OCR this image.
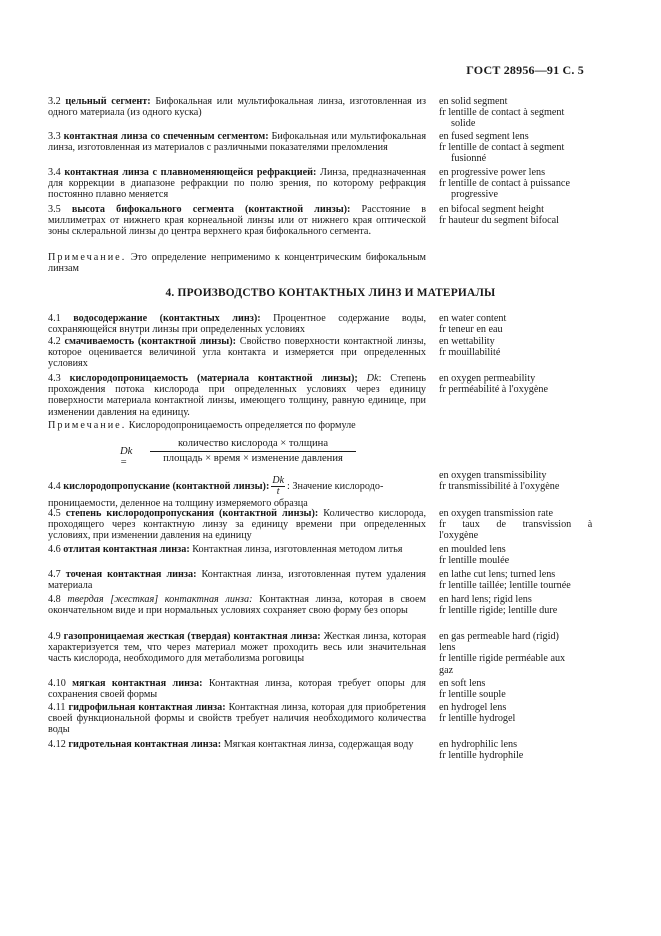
ГОСТ 28956—91 С. 5
3.2 цельный сегмент: Бифокальная или мультифокальная линза, изготовленная из одного материала (из одного куска)
en solid segment
fr lentille de contact à segment
solide
3.3 контактная линза со спеченным сегментом: Бифокальная или мультифокальная линза, изготовленная из материалов с различными показателями преломления
en fused segment lens
fr lentille de contact à segment
fusionné
3.4 контактная линза с плавноменяющейся рефракцией: Линза, предназначенная для коррекции в диапазоне рефракции по полю зрения, по которому рефракция постоянно плавно меняется
en progressive power lens
fr lentille de contact à puissance
progressive
3.5 высота бифокального сегмента (контактной линзы): Расстояние в миллиметрах от нижнего края корнеальной линзы или от нижнего края оптической зоны склеральной линзы до центра верхнего края бифокального сегмента.
en bifocal segment height
fr hauteur du segment bifocal
Примечание. Это определение неприменимо к концентрическим бифокальным линзам
4. ПРОИЗВОДСТВО КОНТАКТНЫХ ЛИНЗ И МАТЕРИАЛЫ
4.1 водосодержание (контактных линз): Процентное содержание воды, сохраняющейся внутри линзы при определенных условиях
en water content
fr teneur en eau
4.2 смачиваемость (контактной линзы): Свойство поверхности контактной линзы, которое оценивается величиной угла контакта и измеряется при определенных условиях
en wettability
fr mouillabilité
4.3 кислородопроницаемость (материала контактной линзы); Dk: Степень прохождения потока кислорода при определенных условиях через единицу поверхности материала контактной линзы, имеющего толщину, равную единице, при изменении давления на единицу.
en oxygen permeability
fr perméabilité à l'oxygène
Примечание. Кислородопроницаемость определяется по формуле
Dk =
количество кислорода × толщина
площадь × время × изменение давления
4.4 кислородопропускание (контактной линзы): $\frac{Dk}{t}$ : Значение кислородо-
проницаемости, деленное на толщину измеряемого образца
en oxygen transmissibility
fr transmissibilité à l'oxygène
4.5 степень кислородопропускания (контактной линзы): Количество кислорода, проходящего через контактную линзу за единицу времени при определенных условиях, при изменении давления на единицу
en oxygen transmission rate
fr taux de transvission à
l'oxygène
4.6 отлитая контактная линза: Контактная линза, изготовленная методом литья	en moulded lens
fr lentille moulée
4.7 точеная контактная линза: Контактная линза, изготовленная путем удаления материала
en lathe cut lens; turned lens
fr lentille taillée; lentille tournée
4.8 твердая [жесткая] контактная линза: Контактная линза, которая в своем окончательном виде и при нормальных условиях сохраняет свою форму без опоры
en hard lens; rigid lens
fr lentille rigide; lentille dure
4.9 газопроницаемая жесткая (твердая) контактная линза: Жесткая линза, которая характеризуется тем, что через материал может проходить весь или значительная часть кислорода, необходимого для метаболизма роговицы
en gas permeable hard (rigid)
lens
fr lentille rigide perméable aux
gaz
4.10 мягкая контактная линза: Контактная линза, которая требует опоры для сохранения своей формы
en soft lens
fr lentille souple
4.11 гидрофильная контактная линза: Контактная линза, которая для приобретения своей функциональной формы и свойств требует наличия необходимого количества воды
en hydrogel lens
fr lentille hydrogel
4.12 гидротельная контактная линза: Мягкая контактная линза, содержащая воду	en hydrophilic lens
fr lentille hydrophile
